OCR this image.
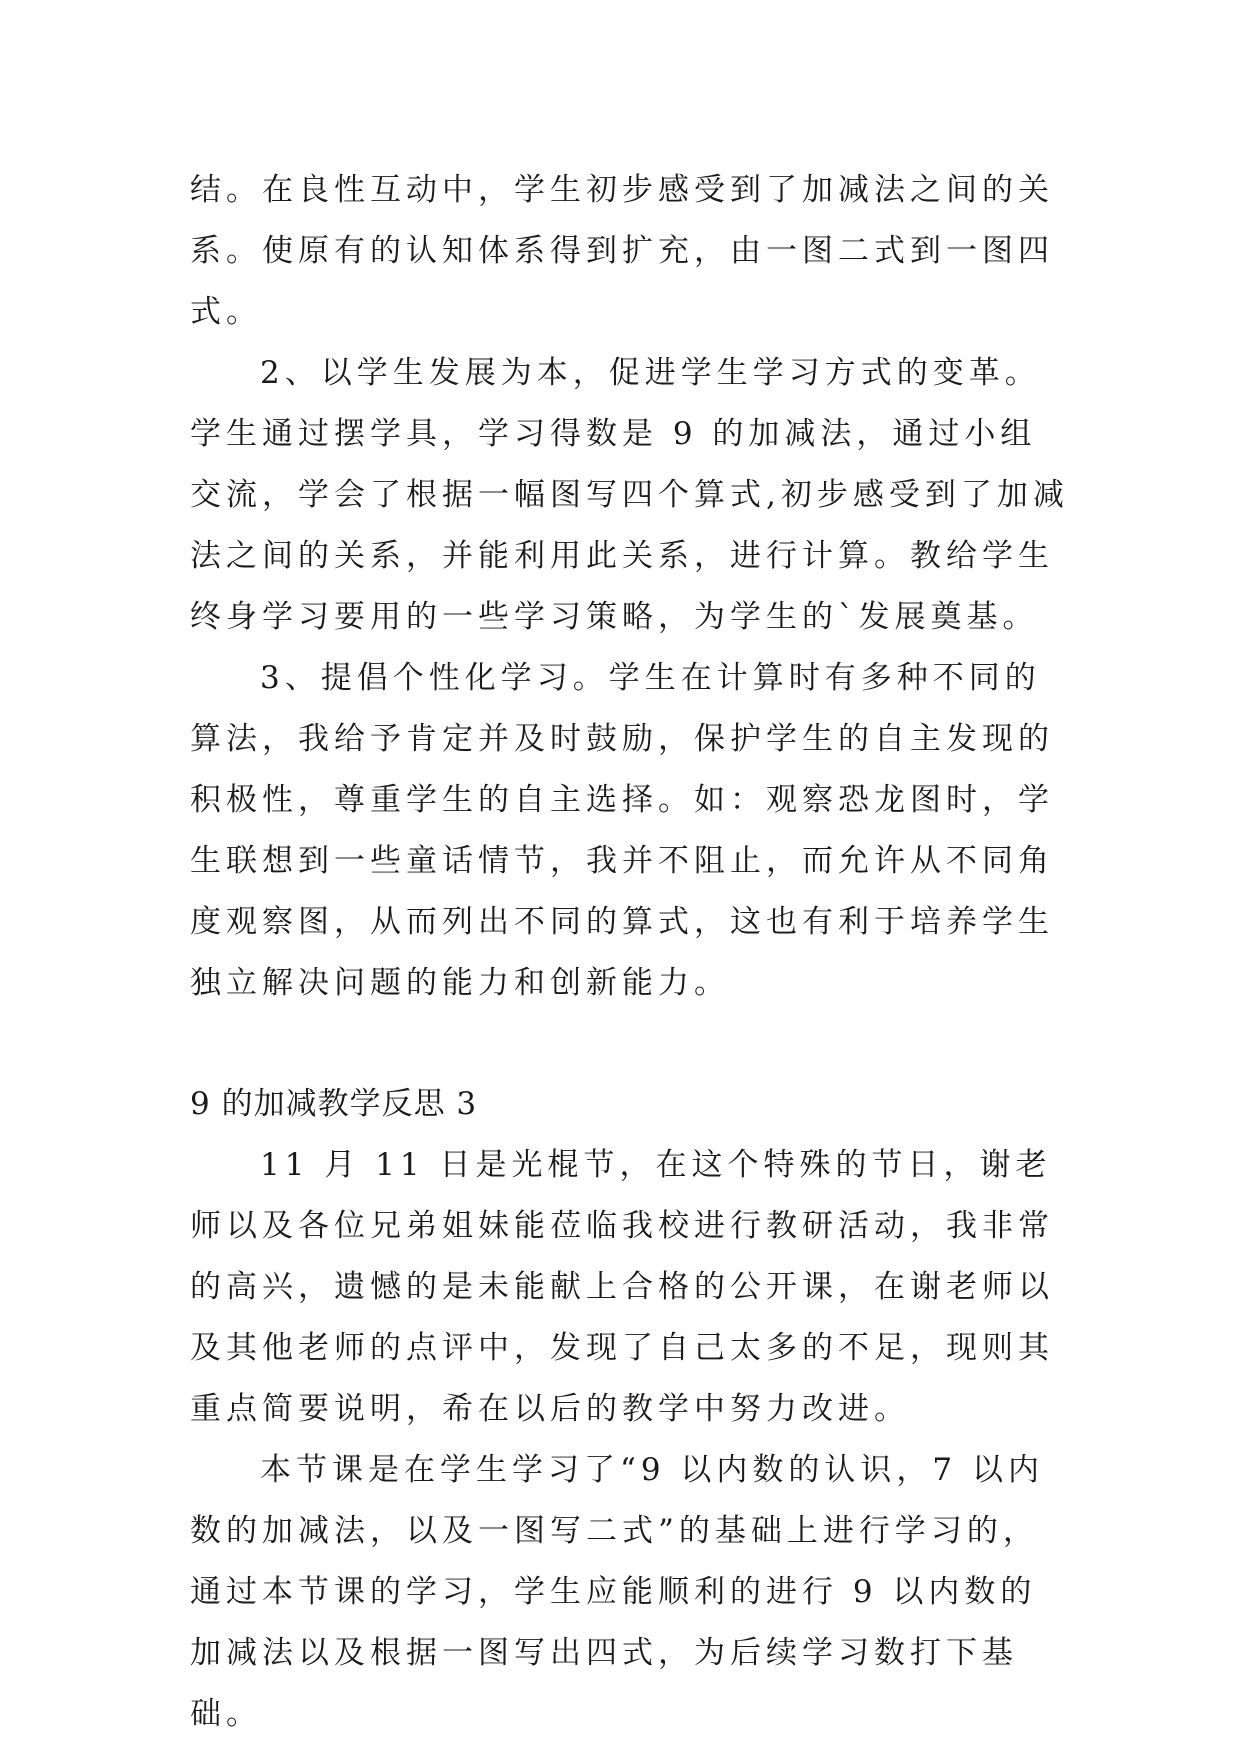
结。在良性互动中，学生初步感受到了加减法之间的关系。使原有的认知体系得到扩充，由一图二式到一图四式。

2、以学生发展为本，促进学生学习方式的变革。学生通过摆学具，学习得数是 9 的加减法，通过小组交流，学会了根据一幅图写四个算式,初步感受到了加减法之间的关系，并能利用此关系，进行计算。教给学生终身学习要用的一些学习策略，为学生的`发展奠基。

3、提倡个性化学习。学生在计算时有多种不同的算法，我给予肯定并及时鼓励，保护学生的自主发现的积极性，尊重学生的自主选择。如：观察恐龙图时，学生联想到一些童话情节，我并不阻止，而允许从不同角度观察图，从而列出不同的算式，这也有利于培养学生独立解决问题的能力和创新能力。

9 的加减教学反思 3

11 月 11 日是光棍节，在这个特殊的节日，谢老师以及各位兄弟姐妹能莅临我校进行教研活动，我非常的高兴，遗憾的是未能献上合格的公开课，在谢老师以及其他老师的点评中，发现了自己太多的不足，现则其重点简要说明，希在以后的教学中努力改进。

本节课是在学生学习了“9 以内数的认识，7 以内数的加减法，以及一图写二式”的基础上进行学习的，通过本节课的学习，学生应能顺利的进行 9 以内数的加减法以及根据一图写出四式，为后续学习数打下基础。
